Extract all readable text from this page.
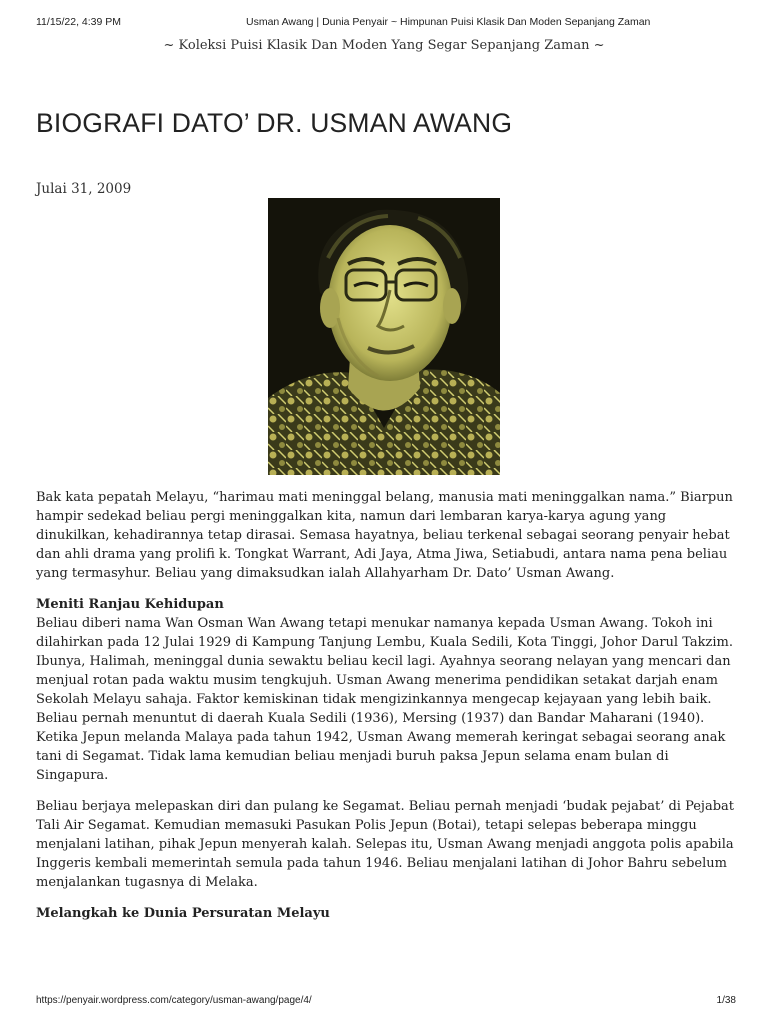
11/15/22, 4:39 PM	Usman Awang | Dunia Penyair ~ Himpunan Puisi Klasik Dan Moden Sepanjang Zaman
~ Koleksi Puisi Klasik Dan Moden Yang Segar Sepanjang Zaman ~
BIOGRAFI DATO’ DR. USMAN AWANG
Julai 31, 2009

Bak kata pepatah Melayu, “harimau mati meninggal belang, manusia mati meninggalkan nama.” Biarpun hampir sedekad beliau pergi meninggalkan kita, namun dari lembaran karya-karya agung yang dinukilkan, kehadirannya tetap dirasai. Semasa hayatnya, beliau terkenal sebagai seorang penyair hebat dan ahli drama yang prolifi k. Tongkat Warrant, Adi Jaya, Atma Jiwa, Setiabudi, antara nama pena beliau yang termasyhur. Beliau yang dimaksudkan ialah Allahyarham Dr. Dato’ Usman Awang.

Meniti Ranjau Kehidupan

Beliau diberi nama Wan Osman Wan Awang tetapi menukar namanya kepada Usman Awang. Tokoh ini dilahirkan pada 12 Julai 1929 di Kampung Tanjung Lembu, Kuala Sedili, Kota Tinggi, Johor Darul Takzim. Ibunya, Halimah, meninggal dunia sewaktu beliau kecil lagi. Ayahnya seorang nelayan yang mencari dan menjual rotan pada waktu musim tengkujuh. Usman Awang menerima pendidikan setakat darjah enam Sekolah Melayu sahaja. Faktor kemiskinan tidak mengizinkannya mengecap kejayaan yang lebih baik. Beliau pernah menuntut di daerah Kuala Sedili (1936), Mersing (1937) dan Bandar Maharani (1940). Ketika Jepun melanda Malaya pada tahun 1942, Usman Awang memerah keringat sebagai seorang anak tani di Segamat. Tidak lama kemudian beliau menjadi buruh paksa Jepun selama enam bulan di Singapura.

Beliau berjaya melepaskan diri dan pulang ke Segamat. Beliau pernah menjadi ‘budak pejabat’ di Pejabat Tali Air Segamat. Kemudian memasuki Pasukan Polis Jepun (Botai), tetapi selepas beberapa minggu menjalani latihan, pihak Jepun menyerah kalah. Selepas itu, Usman Awang menjadi anggota polis apabila Inggeris kembali memerintah semula pada tahun 1946. Beliau menjalani latihan di Johor Bahru sebelum menjalankan tugasnya di Melaka.

Melangkah ke Dunia Persuratan Melayu
https://penyair.wordpress.com/category/usman-awang/page/4/	1/38
